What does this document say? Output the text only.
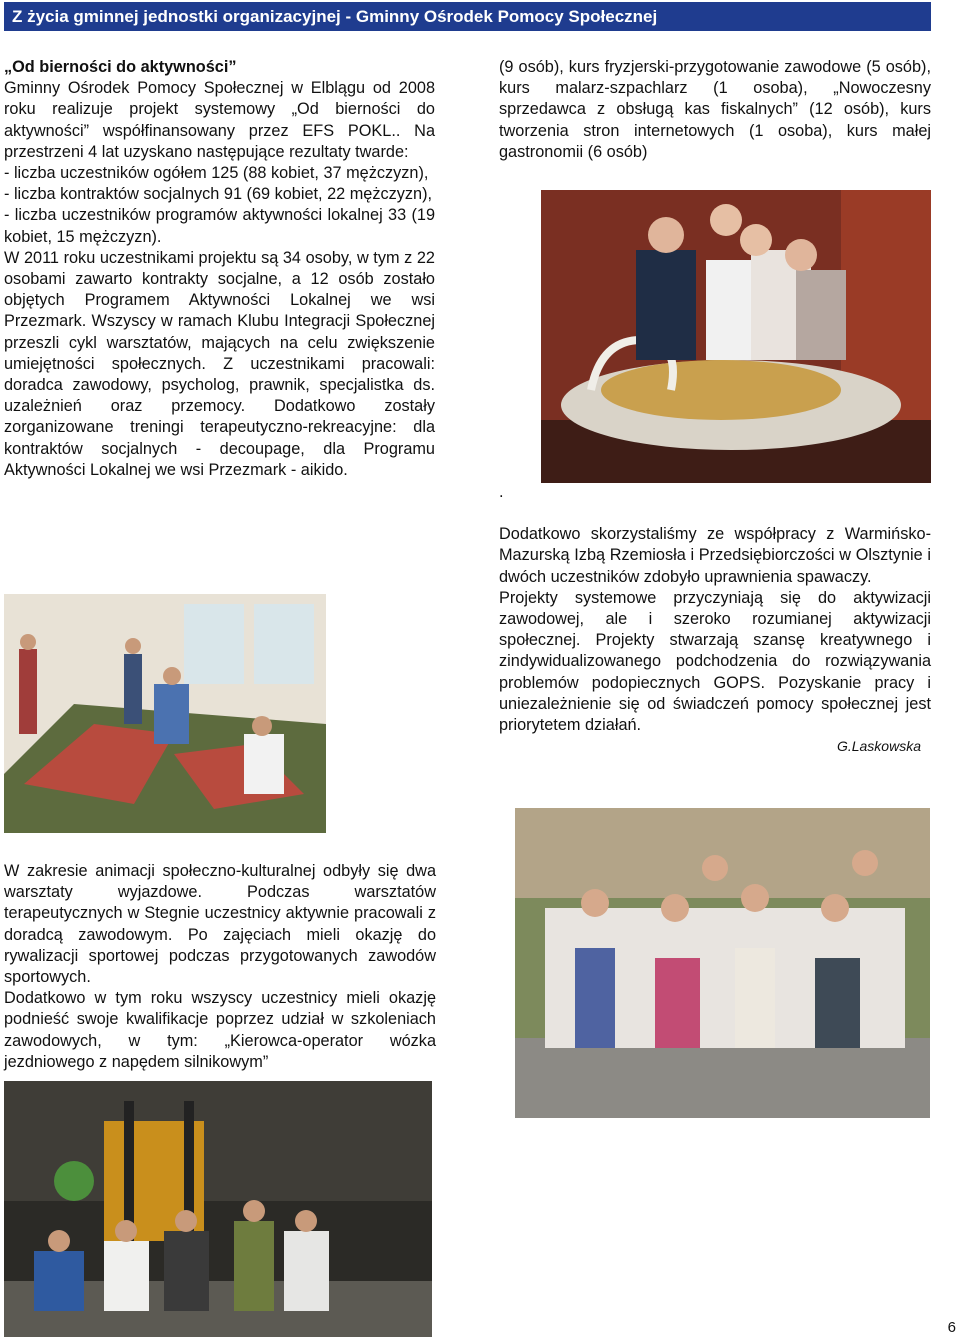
Z życia gminnej jednostki organizacyjnej - Gminny Ośrodek Pomocy Społecznej
„Od bierności do aktywności”

Gminny Ośrodek Pomocy Społecznej w Elblągu od 2008 roku realizuje projekt systemowy „Od bierności do aktywności” współfinansowany przez EFS POKL.. Na przestrzeni 4 lat uzyskano następujące rezultaty twarde:

- liczba uczestników ogółem 125 (88 kobiet, 37 mężczyzn),

- liczba kontraktów socjalnych 91 (69 kobiet, 22 mężczyzn),

- liczba uczestników programów aktywności lokalnej 33 (19 kobiet, 15 mężczyzn).

W 2011 roku uczestnikami projektu są 34 osoby, w tym z 22 osobami zawarto kontrakty socjalne, a 12 osób zostało objętych Programem Aktywności Lokalnej we wsi Przezmark. Wszyscy w ramach Klubu Integracji Społecznej przeszli cykl warsztatów, mających na celu zwiększenie umiejętności społecznych. Z uczestnikami pracowali: doradca zawodowy, psycholog, prawnik, specjalistka ds. uzależnień oraz przemocy. Dodatkowo zostały zorganizowane treningi terapeutyczno-rekreacyjne: dla kontraktów socjalnych - decoupage, dla Programu Aktywności Lokalnej we wsi Przezmark - aikido.

(9 osób), kurs fryzjerski-przygotowanie zawodowe (5 osób), kurs malarz-szpachlarz (1 osoba), „Nowoczesny sprzedawca z obsługą kas fiskalnych” (12 osób), kurs tworzenia stron internetowych (1 osoba), kurs małej gastronomii (6 osób)

.

Dodatkowo skorzystaliśmy ze współpracy z Warmińsko-Mazurską Izbą Rzemiosła i Przedsiębiorczości w Olsztynie i dwóch uczestników zdobyło uprawnienia spawaczy.

Projekty systemowe przyczyniają się do aktywizacji zawodowej, ale i szeroko rozumianej aktywizacji społecznej. Projekty stwarzają szansę kreatywnego i zindywidualizowanego podchodzenia do rozwiązywania problemów podopiecznych GOPS. Pozyskanie pracy i uniezależnienie się od świadczeń pomocy społecznej jest priorytetem działań.

G.Laskowska

W zakresie animacji społeczno-kulturalnej odbyły się dwa warsztaty wyjazdowe. Podczas warsztatów terapeutycznych w Stegnie uczestnicy aktywnie pracowali z doradcą zawodowym. Po zajęciach mieli okazję do rywalizacji sportowej podczas przygotowanych zawodów sportowych.

Dodatkowo w tym roku wszyscy uczestnicy mieli okazję podnieść swoje kwalifikacje poprzez udział w szkoleniach zawodowych, w tym: „Kierowca-operator wózka jezdniowego z napędem silnikowym”

6
